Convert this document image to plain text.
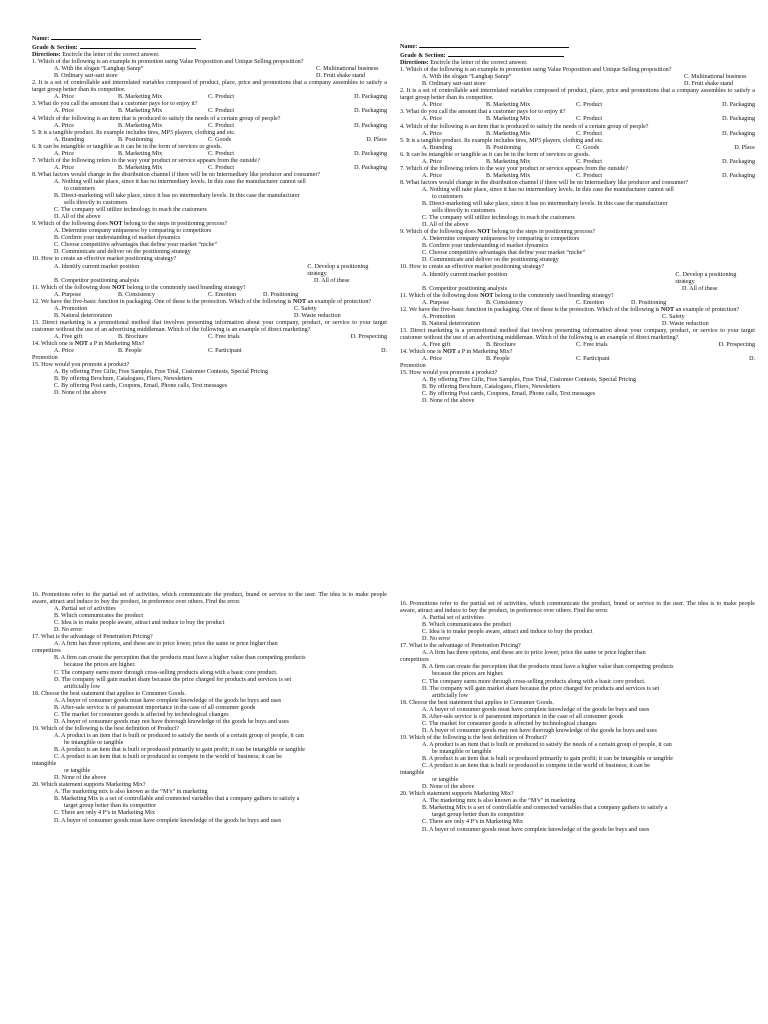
Name:
Grade & Section:
Directions: Encircle the letter of the correct answer.
1. Which of the following is an example in promotion using Value Proposition and Unique Selling proposition?
A. With the slogan “Langhap Sarap”	C. Multinational business
B. Ordinary sari-sari store	D. Fruit shake stand
2. It is a set of controllable and interrelated variables composed of product, place, price and promotions that a company assembles to satisfy a target group better than its competitor.
A. Price	B. Marketing Mix	C. Product	D. Packaging
3. What do you call the amount that a customer pays for to enjoy it?
A. Price	B. Marketing Mix	C. Product	D. Packaging
4. Which of the following is an item that is produced to satisfy the needs of a certain group of people?
A. Price	B. Marketing Mix	C. Product	D. Packaging
5. It is a tangible product. Its example includes tires, MP3 players, clothing and etc.
A. Branding	B. Positioning	C. Goods	D. Place
6. It can be intangible or tangible as it can be in the form of services or goods.
A. Price	B. Marketing Mix	C. Product	D. Packaging
7. Which of the following refers to the way your product or service appears from the outside?
A. Price	B. Marketing Mix	C. Product	D. Packaging
8. What factors would change in the distribution channel if there will be no Intermediary like producer and consumer?
A. Nothing will take place, since it has no intermediary levels. In this case the manufacturer cannot sell
to customers
B. Direct-marketing will take place, since it has no intermediary levels. In this case the manufacturer
sells directly to customers
C. The company will utilize technology to reach the customers
D. All of the above
9. Which of the following does NOT belong to the steps in positioning process?
A. Determine company uniqueness by comparing to competitors
B. Confirm your understanding of market dynamics
C. Choose competitive advantages that define your market “niche”
D. Communicate and deliver on the positioning strategy
10. How to create an effective market positioning strategy?
A. Identify current market position	C. Develop a positioning strategy
B. Competitor positioning analysis	D. All of these
11. Which of the following does NOT belong to the commonly used branding strategy?
A. Purpose	B. Consistency	C. Emotion	D. Positioning
12. We have the five-basic function in packaging. One of these is the protection. Which of the following is NOT an example of protection?
A. Promotion	C. Safety
B. Natural deterioration	D. Waste reduction
13. Direct marketing is a promotional method that involves presenting information about your company, product, or service to your target customer without the use of an advertising middleman. Which of the following is an example of direct marketing?
A. Free gift	B. Brochure	C. Free trials	D. Prospecting
14. Which one is NOT a P in Marketing Mix?
A. Price	B. People	C. Participant	D.
Promotion
15. How would you promote a product?
A. By offering Free Gifts, Free Samples, Free Trial, Customer Contests, Special Pricing
B. By offering Brochure, Catalogues, Fliers, Newsletters
C. By offering Post cards, Coupons, Email, Phone calls, Text messages
D. None of the above
Name:
Grade & Section:
Directions: Encircle the letter of the correct answer.
1. Which of the following is an example in promotion using Value Proposition and Unique Selling proposition?
A. With the slogan “Langhap Sarap”	C. Multinational business
B. Ordinary sari-sari store	D. Fruit shake stand
2. It is a set of controllable and interrelated variables composed of product, place, price and promotions that a company assembles to satisfy a target group better than its competitor.
A. Price	B. Marketing Mix	C. Product	D. Packaging
3. What do you call the amount that a customer pays for to enjoy it?
A. Price	B. Marketing Mix	C. Product	D. Packaging
4. Which of the following is an item that is produced to satisfy the needs of a certain group of people?
A. Price	B. Marketing Mix	C. Product	D. Packaging
5. It is a tangible product. Its example includes tires, MP3 players, clothing and etc.
A. Branding	B. Positioning	C. Goods	D. Place
6. It can be intangible or tangible as it can be in the form of services or goods.
A. Price	B. Marketing Mix	C. Product	D. Packaging
7. Which of the following refers to the way your product or service appears from the outside?
A. Price	B. Marketing Mix	C. Product	D. Packaging
8. What factors would change in the distribution channel if there will be no Intermediary like producer and consumer?
A. Nothing will take place, since it has no intermediary levels. In this case the manufacturer cannot sell
to customers
B. Direct-marketing will take place, since it has no intermediary levels. In this case the manufacturer
sells directly to customers
C. The company will utilize technology to reach the customers
D. All of the above
9. Which of the following does NOT belong to the steps in positioning process?
A. Determine company uniqueness by comparing to competitors
B. Confirm your understanding of market dynamics
C. Choose competitive advantages that define your market “niche”
D. Communicate and deliver on the positioning strategy
10. How to create an effective market positioning strategy?
A. Identify current market position	C. Develop a positioning strategy
B. Competitor positioning analysis	D. All of these
11. Which of the following does NOT belong to the commonly used branding strategy?
A. Purpose	B. Consistency	C. Emotion	D. Positioning
12. We have the five-basic function in packaging. One of these is the protection. Which of the following is NOT an example of protection?
A. Promotion	C. Safety
B. Natural deterioration	D. Waste reduction
13. Direct marketing is a promotional method that involves presenting information about your company, product, or service to your target customer without the use of an advertising middleman. Which of the following is an example of direct marketing?
A. Free gift	B. Brochure	C. Free trials	D. Prospecting
14. Which one is NOT a P in Marketing Mix?
A. Price	B. People	C. Participant	D.
Promotion
15. How would you promote a product?
A. By offering Free Gifts, Free Samples, Free Trial, Customer Contests, Special Pricing
B. By offering Brochure, Catalogues, Fliers, Newsletters
C. By offering Post cards, Coupons, Email, Phone calls, Text messages
D. None of the above
16. Promotions refer to the partial set of activities, which communicate the product, brand or service to the user. The idea is to make people aware, attract and induce to buy the product, in preference over others. Find the error.
A. Partial set of activities
B. Which communicates the product
C. Idea is to make people aware, attract and induce to buy the product
D. No error
17. What is the advantage of Penetration Pricing?
A. A firm has three options, and these are to price lower, price the same or price higher than
competitors
B. A firm can create the perception that the products must have a higher value than competing products
because the prices are higher.
C. The company earns more through cross-selling products along with a basic core product.
D. The company will gain market share because the price charged for products and services is set
artificially low
18. Choose the best statement that applies to Consumer Goods.
A. A buyer of consumer goods must have complete knowledge of the goods he buys and uses
B. After-sale service is of paramount importance in the case of all consumer goods
C. The market for consumer goods is affected by technological changes
D. A buyer of consumer goods may not have thorough knowledge of the goods he buys and uses
19. Which of the following is the best definition of Product?
A. A product is an item that is built or produced to satisfy the needs of a certain group of people, it can
be intangible or tangible
B. A product is an item that is built or produced primarily to gain profit; it can be intangible or tangible
C. A product is an item that is built or produced to compete in the world of business; it can be
intangible
or tangible
D. None of the above
20. Which statement supports Marketing Mix?
A. The marketing mix is also known as the “M’s” in marketing
B. Marketing Mix is a set of controllable and connected variables that a company gathers to satisfy a
target group better than its competitor
C. There are only 4 P’s in Marketing Mix
D. A buyer of consumer goods must have complete knowledge of the goods he buys and uses
16. Promotions refer to the partial set of activities, which communicate the product, brand or service to the user. The idea is to make people aware, attract and induce to buy the product, in preference over others. Find the error.
A. Partial set of activities
B. Which communicates the product
C. Idea is to make people aware, attract and induce to buy the product
D. No error
17. What is the advantage of Penetration Pricing?
A. A firm has three options, and these are to price lower, price the same or price higher than
competitors
B. A firm can create the perception that the products must have a higher value than competing products
because the prices are higher.
C. The company earns more through cross-selling products along with a basic core product.
D. The company will gain market share because the price charged for products and services is set
artificially low
18. Choose the best statement that applies to Consumer Goods.
A. A buyer of consumer goods must have complete knowledge of the goods he buys and uses
B. After-sale service is of paramount importance in the case of all consumer goods
C. The market for consumer goods is affected by technological changes
D. A buyer of consumer goods may not have thorough knowledge of the goods he buys and uses
19. Which of the following is the best definition of Product?
A. A product is an item that is built or produced to satisfy the needs of a certain group of people, it can
be intangible or tangible
B. A product is an item that is built or produced primarily to gain profit; it can be intangible or tangible
C. A product is an item that is built or produced to compete in the world of business; it can be
intangible
or tangible
D. None of the above
20. Which statement supports Marketing Mix?
A. The marketing mix is also known as the “M’s” in marketing
B. Marketing Mix is a set of controllable and connected variables that a company gathers to satisfy a
target group better than its competitor
C. There are only 4 P’s in Marketing Mix
D. A buyer of consumer goods must have complete knowledge of the goods he buys and uses
